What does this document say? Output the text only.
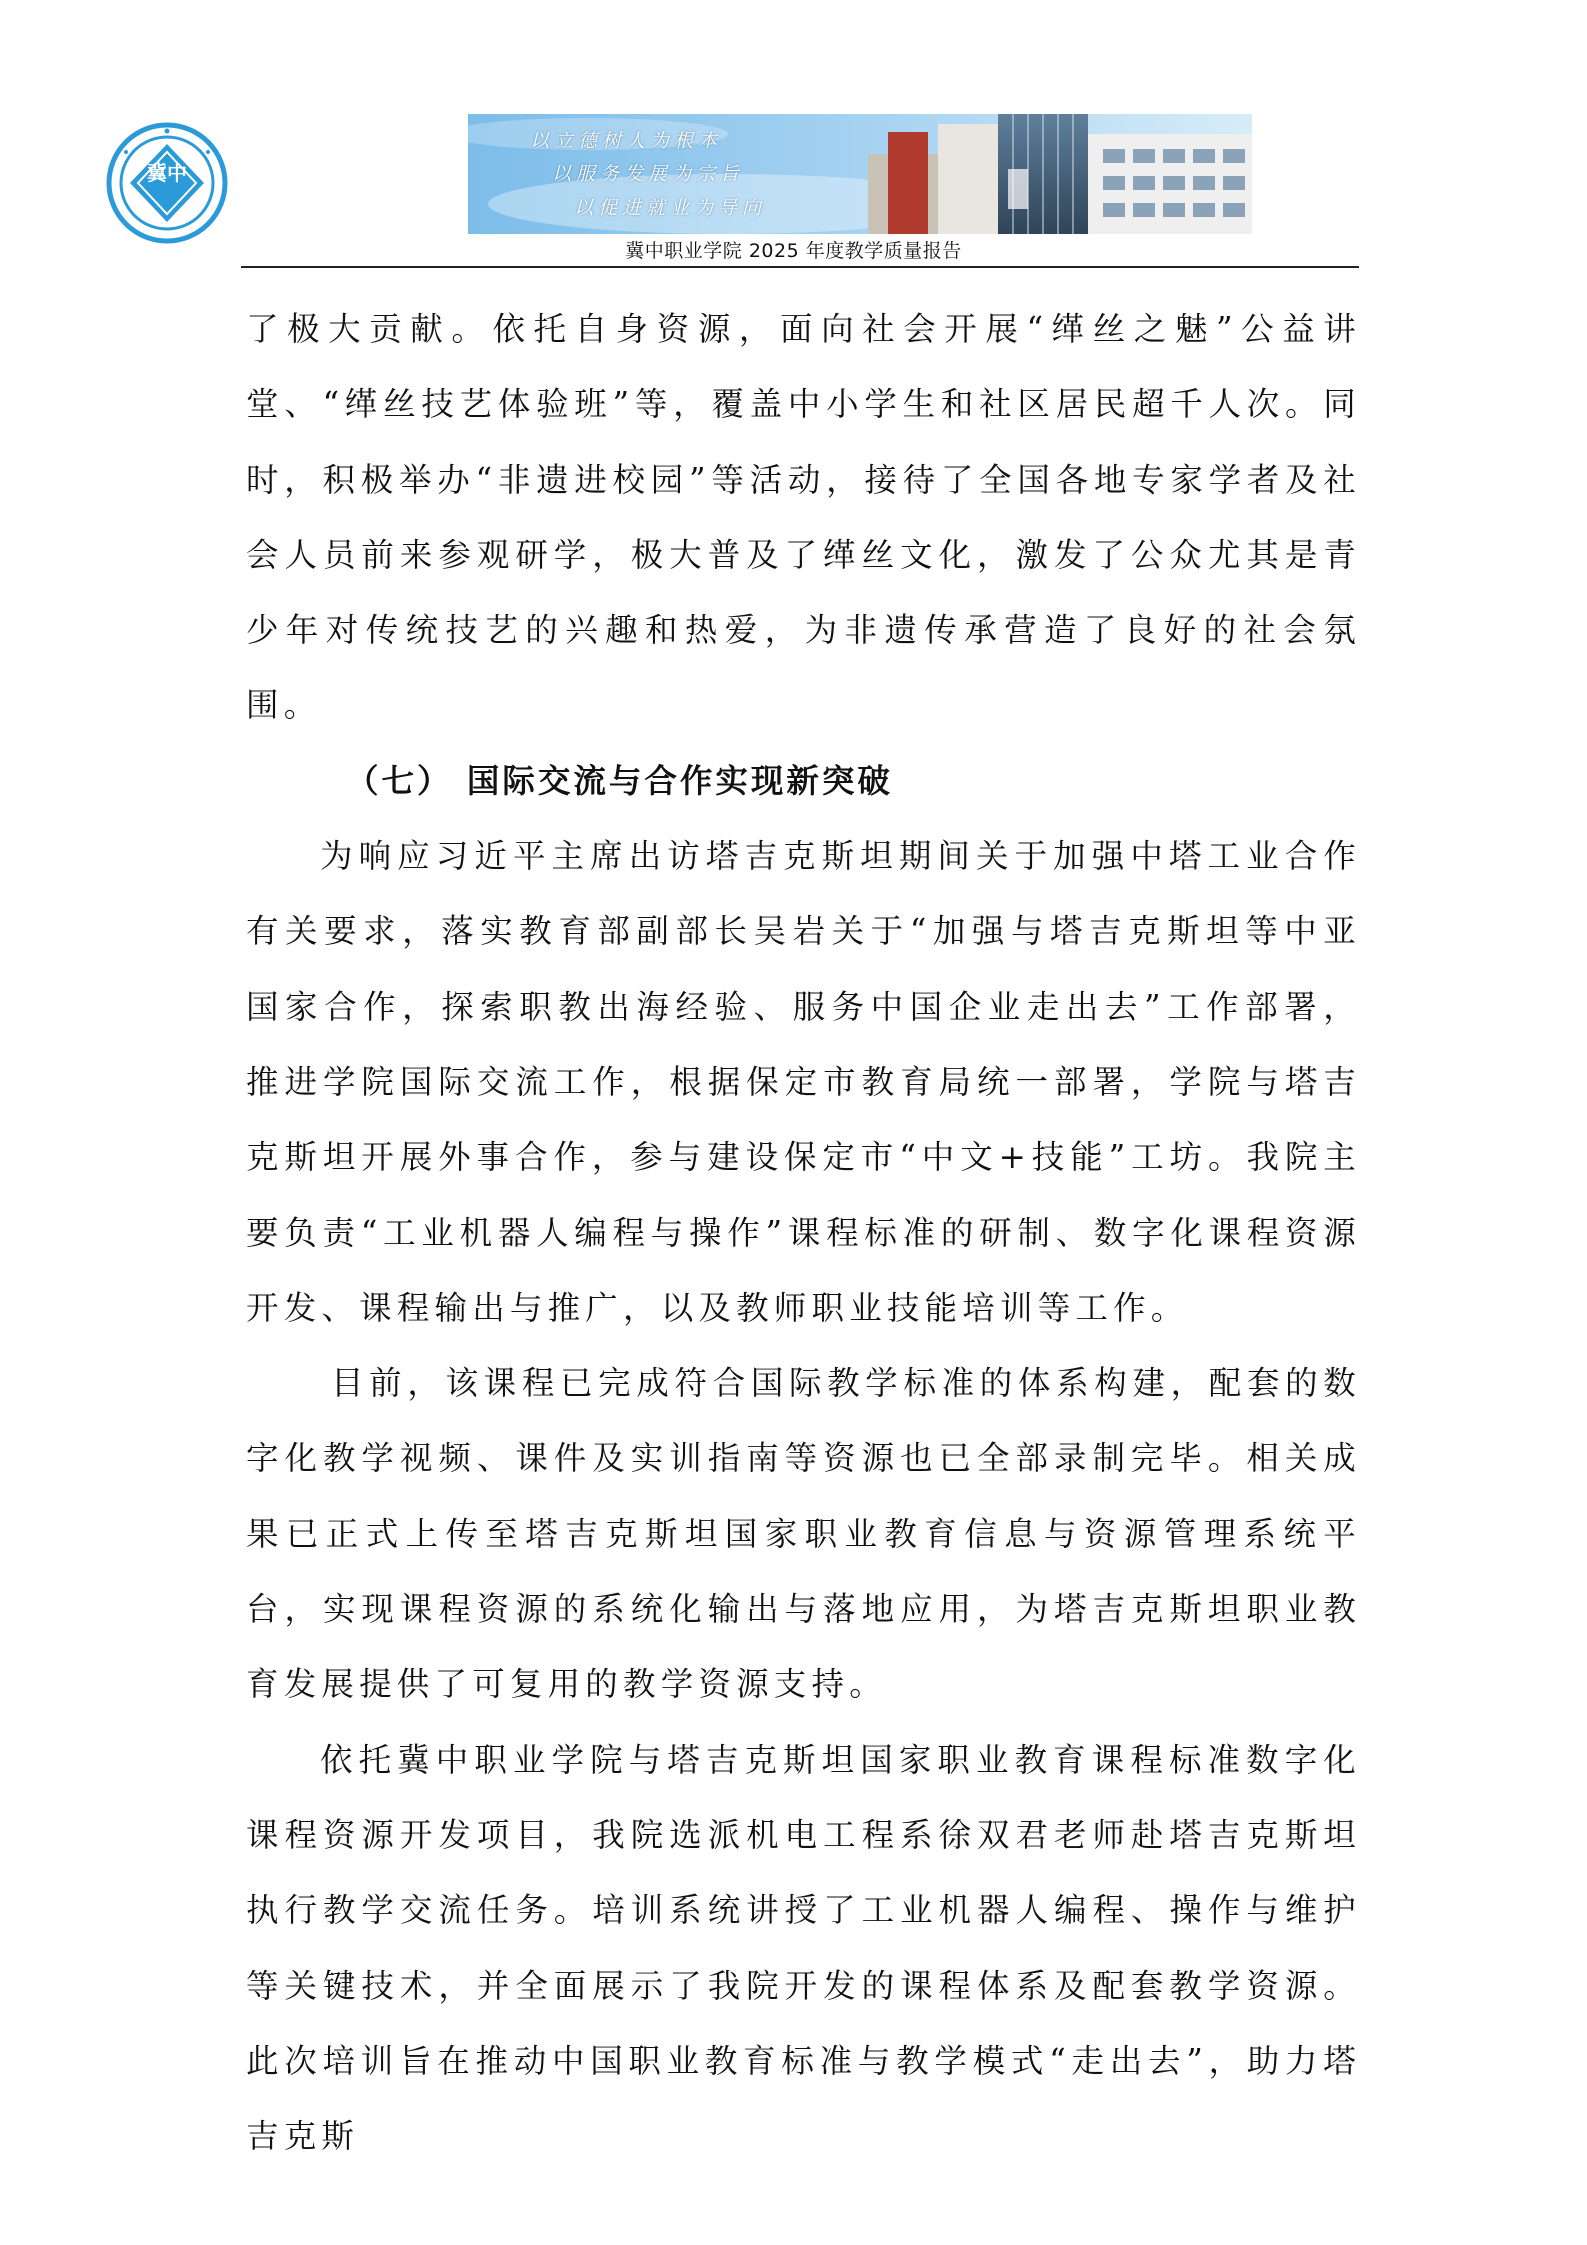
冀中
以立德树人为根本
以服务发展为宗旨
以促进就业为导向
冀中职业学院 2025 年度教学质量报告

了极大贡献。依托自身资源，面向社会开展“缂丝之魅”公益讲堂、“缂丝技艺体验班”等，覆盖中小学生和社区居民超千人次。同时，积极举办“非遗进校园”等活动，接待了全国各地专家学者及社会人员前来参观研学，极大普及了缂丝文化，激发了公众尤其是青少年对传统技艺的兴趣和热爱，为非遗传承营造了良好的社会氛围。

（七） 国际交流与合作实现新突破

为响应习近平主席出访塔吉克斯坦期间关于加强中塔工业合作有关要求，落实教育部副部长吴岩关于“加强与塔吉克斯坦等中亚国家合作，探索职教出海经验、服务中国企业走出去”工作部署，推进学院国际交流工作，根据保定市教育局统一部署，学院与塔吉克斯坦开展外事合作，参与建设保定市“中文+技能”工坊。我院主要负责“工业机器人编程与操作”课程标准的研制、数字化课程资源开发、课程输出与推广，以及教师职业技能培训等工作。

目前，该课程已完成符合国际教学标准的体系构建，配套的数字化教学视频、课件及实训指南等资源也已全部录制完毕。相关成果已正式上传至塔吉克斯坦国家职业教育信息与资源管理系统平台，实现课程资源的系统化输出与落地应用，为塔吉克斯坦职业教育发展提供了可复用的教学资源支持。

依托冀中职业学院与塔吉克斯坦国家职业教育课程标准数字化课程资源开发项目，我院选派机电工程系徐双君老师赴塔吉克斯坦执行教学交流任务。培训系统讲授了工业机器人编程、操作与维护等关键技术，并全面展示了我院开发的课程体系及配套教学资源。此次培训旨在推动中国职业教育标准与教学模式“走出去”，助力塔吉克斯
